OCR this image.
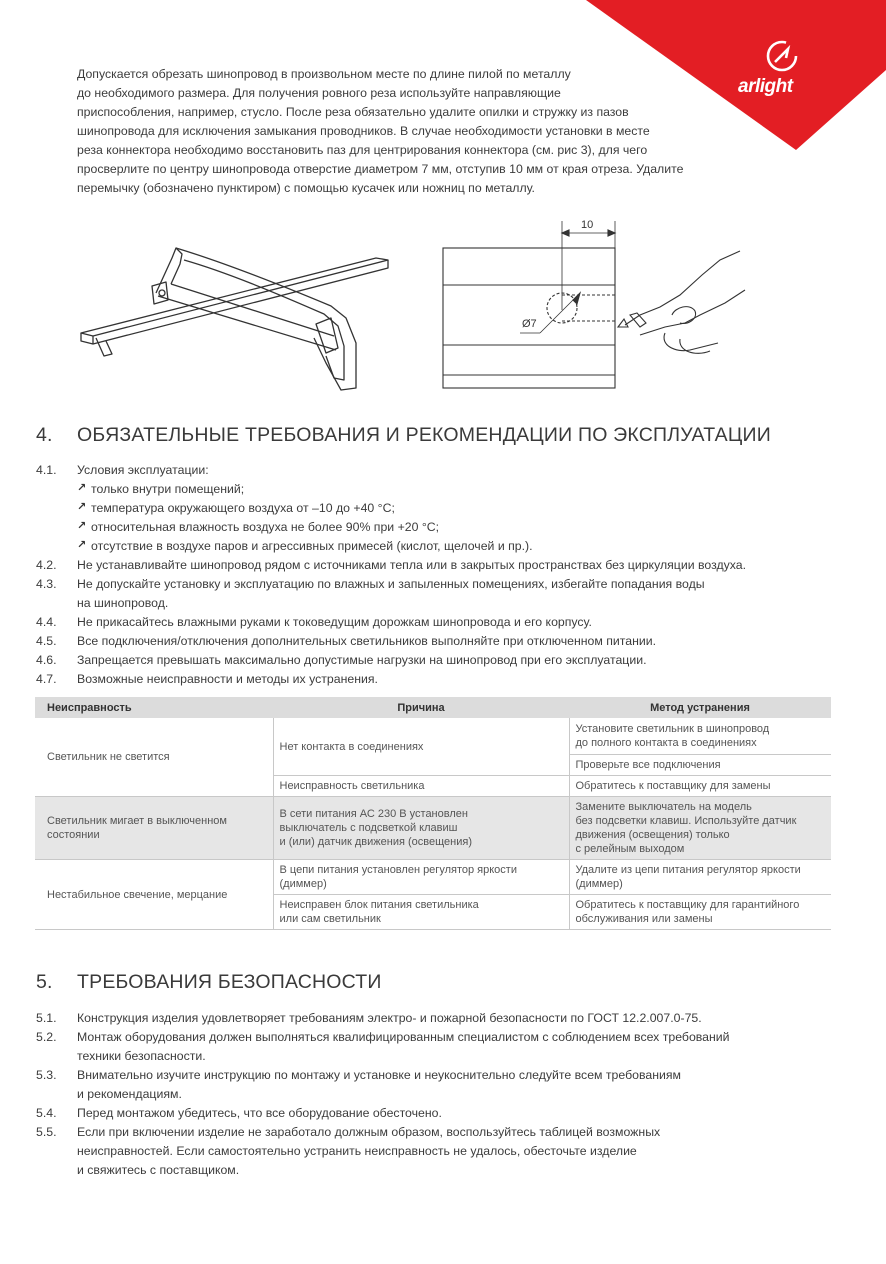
arlight

Допускается обрезать шинопровод в произвольном месте по длине пилой по металлу

до необходимого размера. Для получения ровного реза используйте направляющие

приспособления, например, стусло. После реза обязательно удалите опилки и стружку из пазов

шинопровода для исключения замыкания проводников. В случае необходимости установки в месте

реза коннектора необходимо восстановить паз для центрирования коннектора (см. рис 3), для чего

просверлите по центру шинопровода отверстие диаметром 7 мм, отступив 10 мм от края отреза. Удалите

перемычку (обозначено пунктиром) с помощью кусачек или ножниц по металлу.

10
Ø7
4. ОБЯЗАТЕЛЬНЫЕ ТРЕБОВАНИЯ И РЕКОМЕНДАЦИИ ПО ЭКСПЛУАТАЦИИ
4.1.	Условия эксплуатации:
↗ только внутри помещений;
↗ температура окружающего воздуха от –10 до +40 °С;
↗ относительная влажность воздуха не более 90% при +20 °С;
↗ отсутствие в воздухе паров и агрессивных примесей (кислот, щелочей и пр.).
4.2.	Не устанавливайте шинопровод рядом с источниками тепла или в закрытых пространствах без циркуляции воздуха.
4.3.	Не допускайте установку и эксплуатацию по влажных и запыленных помещениях, избегайте попадания воды
на шинопровод.
4.4.	Не прикасайтесь влажными руками к токоведущим дорожкам шинопровода и его корпусу.
4.5.	Все подключения/отключения дополнительных светильников выполняйте при отключенном питании.
4.6.	Запрещается превышать максимально допустимые нагрузки на шинопровод при его эксплуатации.
4.7.	Возможные неисправности и методы их устранения.
Неисправность	Причина	Метод устранения
Светильник не светится	Нет контакта в соединениях	Установите светильник в шинопровод
до полного контакта в соединениях
		Проверьте все подключения
	Неисправность светильника	Обратитесь к поставщику для замены
Светильник мигает в выключенном
состоянии	В сети питания АС 230 В установлен
выключатель с подсветкой клавиш
и (или) датчик движения (освещения)	Замените выключатель на модель
без подсветки клавиш. Используйте датчик
движения (освещения) только
с релейным выходом
Нестабильное свечение, мерцание	В цепи питания установлен регулятор яркости
(диммер)	Удалите из цепи питания регулятор яркости
(диммер)
	Неисправен блок питания светильника
или сам светильник	Обратитесь к поставщику для гарантийного
обслуживания или замены
5. ТРЕБОВАНИЯ БЕЗОПАСНОСТИ
5.1.	Конструкция изделия удовлетворяет требованиям электро- и пожарной безопасности по ГОСТ 12.2.007.0-75.
5.2.	Монтаж оборудования должен выполняться квалифицированным специалистом с соблюдением всех требований
техники безопасности.
5.3.	Внимательно изучите инструкцию по монтажу и установке и неукоснительно следуйте всем требованиям
и рекомендациям.
5.4.	Перед монтажом убедитесь, что все оборудование обесточено.
5.5.	Если при включении изделие не заработало должным образом, воспользуйтесь таблицей возможных
неисправностей. Если самостоятельно устранить неисправность не удалось, обесточьте изделие
и свяжитесь с поставщиком.
